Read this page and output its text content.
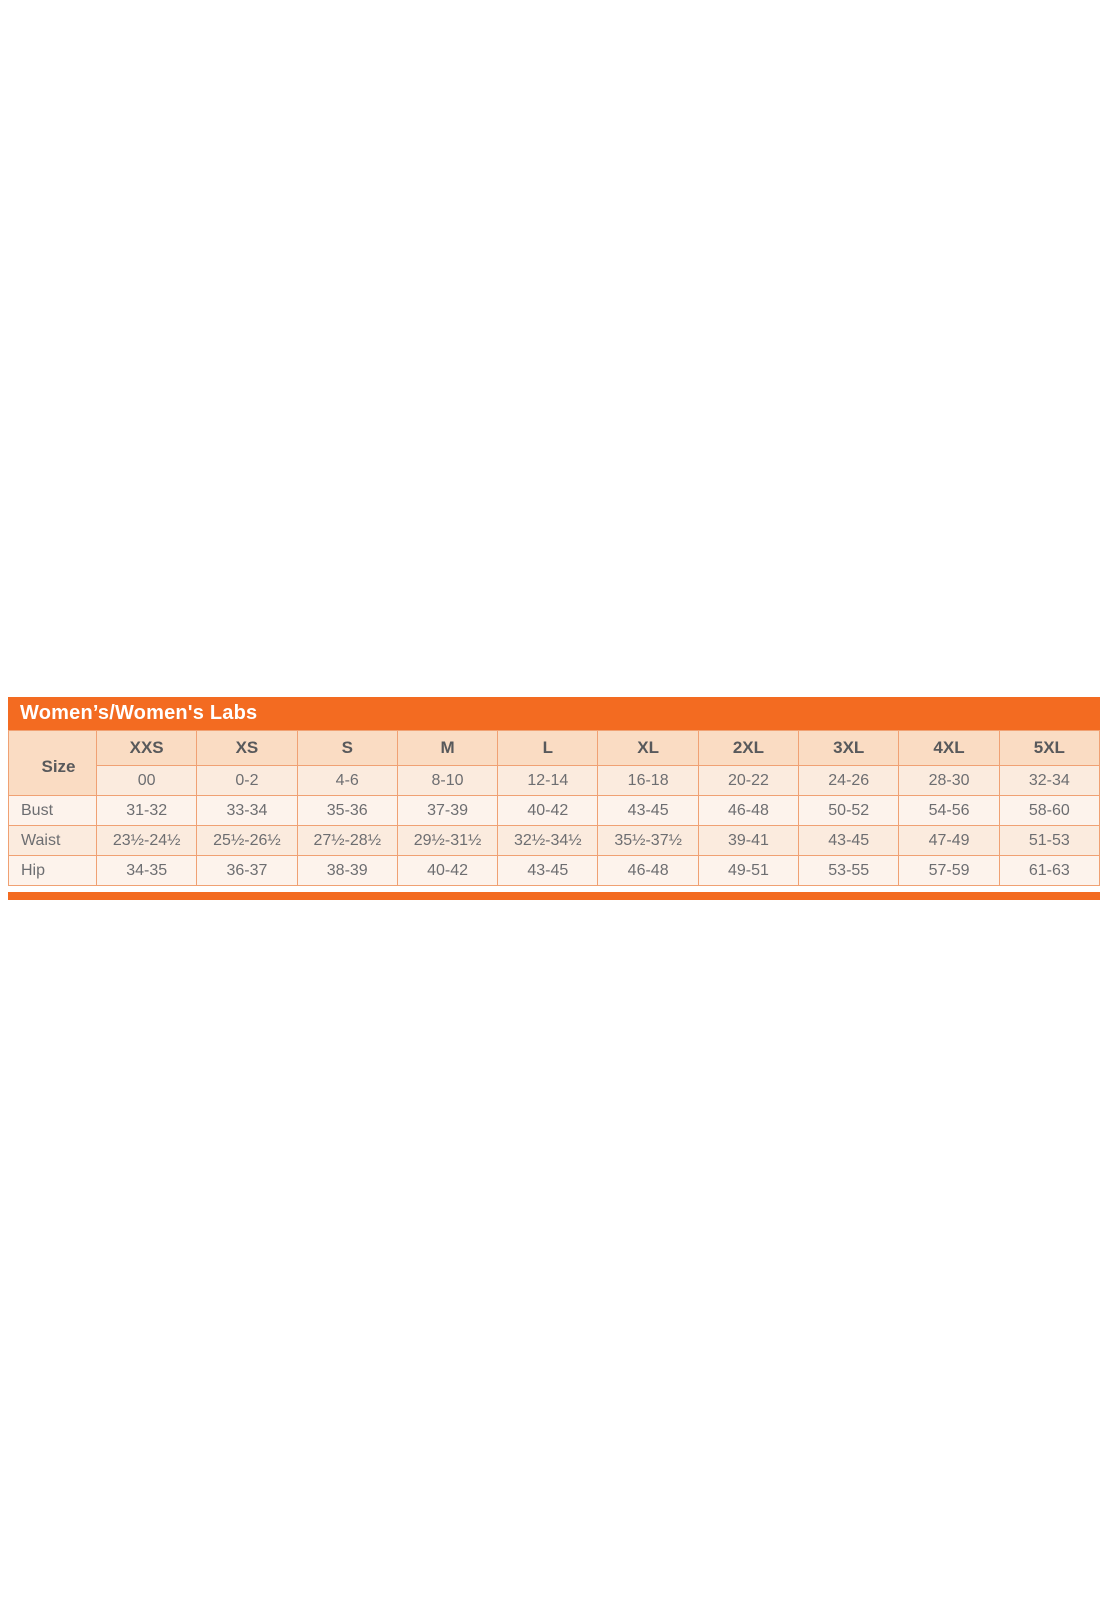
Women’s/Women's Labs
Size	XXS	XS	S	M	L	XL	2XL	3XL	4XL	5XL
	00	0-2	4-6	8-10	12-14	16-18	20-22	24-26	28-30	32-34
Bust	31-32	33-34	35-36	37-39	40-42	43-45	46-48	50-52	54-56	58-60
Waist	23½-24½	25½-26½	27½-28½	29½-31½	32½-34½	35½-37½	39-41	43-45	47-49	51-53
Hip	34-35	36-37	38-39	40-42	43-45	46-48	49-51	53-55	57-59	61-63
